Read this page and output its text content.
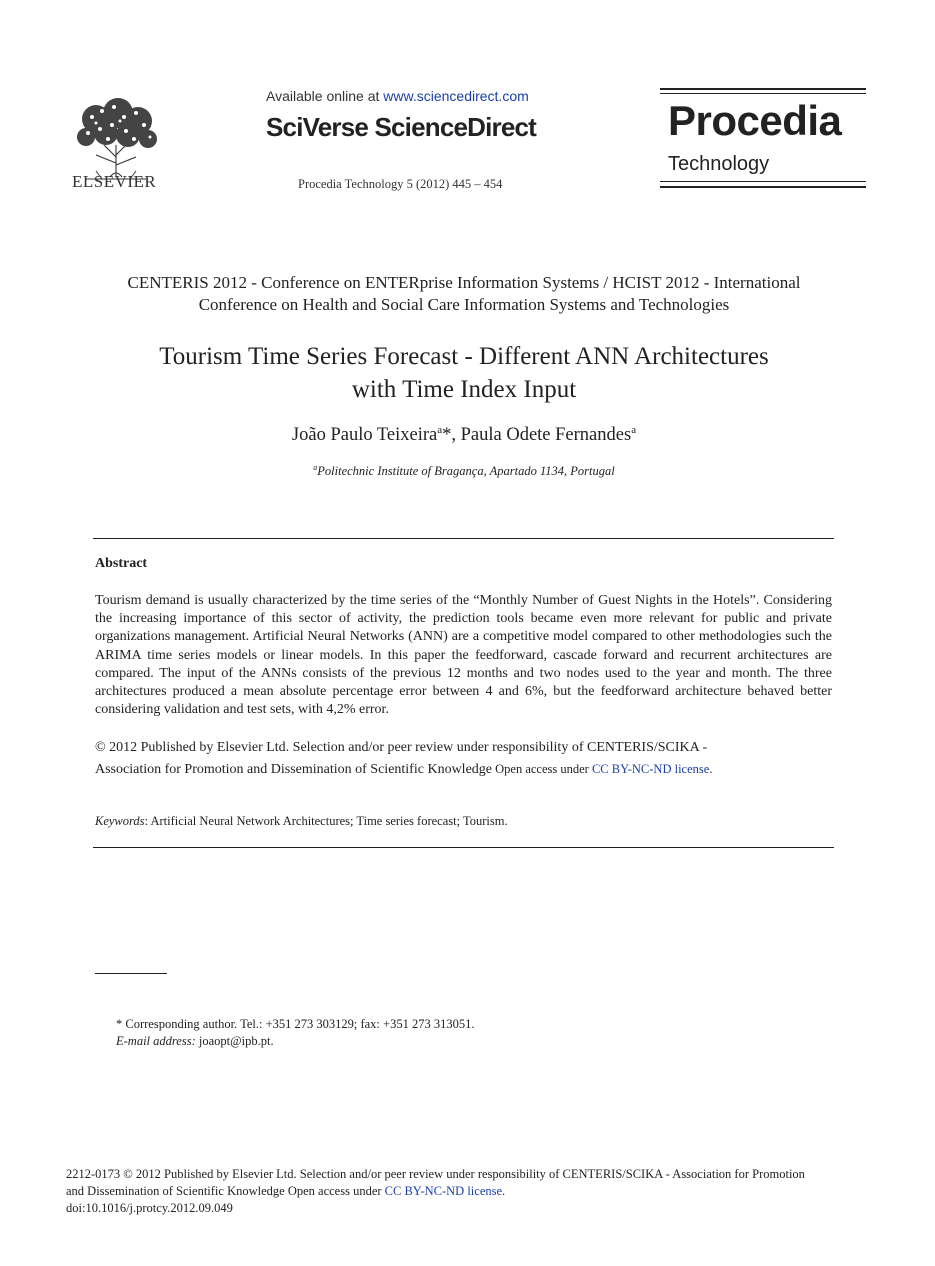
ELSEVIER
Available online at www.sciencedirect.com
SciVerse ScienceDirect
Procedia Technology 5 (2012) 445 – 454
Procedia
Technology
CENTERIS 2012 - Conference on ENTERprise Information Systems / HCIST 2012 - International
Conference on Health and Social Care Information Systems and Technologies
Tourism Time Series Forecast - Different ANN Architectures
with Time Index Input
João Paulo Teixeira$^a$*, Paula Odete Fernandes$^a$
$^a$Politechnic Institute of Bragança, Apartado 1134, Portugal
Abstract
Tourism demand is usually characterized by the time series of the “Monthly Number of Guest Nights in the Hotels”. Considering the increasing importance of this sector of activity, the prediction tools became even more relevant for public and private organizations management. Artificial Neural Networks (ANN) are a competitive model compared to other methodologies such the ARIMA time series models or linear models. In this paper the feedforward, cascade forward and recurrent architectures are compared. The input of the ANNs consists of the previous 12 months and two nodes used to the year and month. The three architectures produced a mean absolute percentage error between 4 and 6%, but the feedforward architecture behaved better considering validation and test sets, with 4,2% error.
© 2012 Published by Elsevier Ltd. Selection and/or peer review under responsibility of CENTERIS/SCIKA -
Association for Promotion and Dissemination of Scientific Knowledge Open access under CC BY-NC-ND license.
Keywords: Artificial Neural Network Architectures; Time series forecast; Tourism.
* Corresponding author. Tel.: +351 273 303129; fax: +351 273 313051.
E-mail address: joaopt@ipb.pt.
2212-0173 © 2012 Published by Elsevier Ltd. Selection and/or peer review under responsibility of CENTERIS/SCIKA - Association for Promotion
and Dissemination of Scientific Knowledge Open access under CC BY-NC-ND license.
doi:10.1016/j.protcy.2012.09.049
